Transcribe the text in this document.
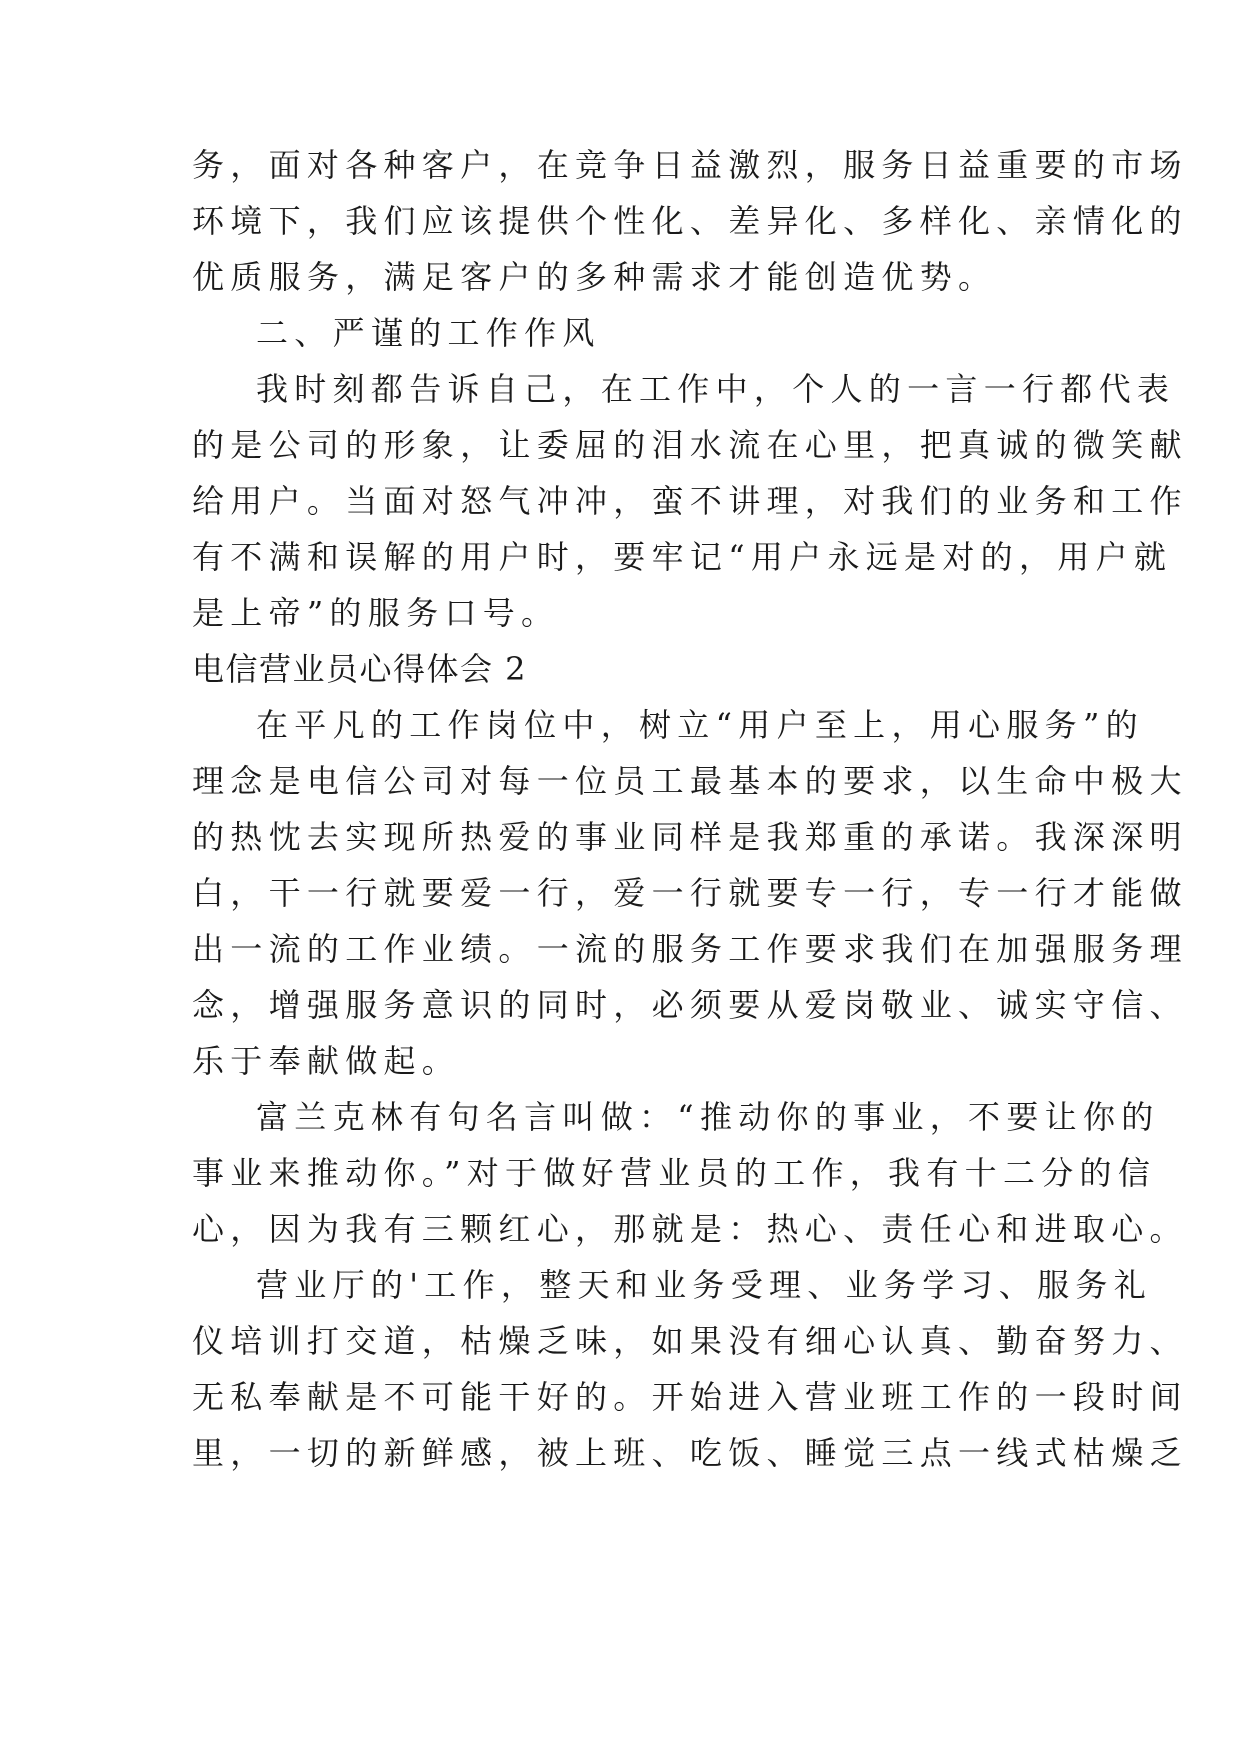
务，面对各种客户，在竞争日益激烈，服务日益重要的市场
环境下，我们应该提供个性化、差异化、多样化、亲情化的
优质服务，满足客户的多种需求才能创造优势。
二、严谨的工作作风
我时刻都告诉自己，在工作中，个人的一言一行都代表
的是公司的形象，让委屈的泪水流在心里，把真诚的微笑献
给用户。当面对怒气冲冲，蛮不讲理，对我们的业务和工作
有不满和误解的用户时，要牢记“用户永远是对的，用户就
是上帝”的服务口号。
电信营业员心得体会 2
在平凡的工作岗位中，树立“用户至上，用心服务”的
理念是电信公司对每一位员工最基本的要求，以生命中极大
的热忱去实现所热爱的事业同样是我郑重的承诺。我深深明
白，干一行就要爱一行，爱一行就要专一行，专一行才能做
出一流的工作业绩。一流的服务工作要求我们在加强服务理
念，增强服务意识的同时，必须要从爱岗敬业、诚实守信、
乐于奉献做起。
富兰克林有句名言叫做：“推动你的事业，不要让你的
事业来推动你。”对于做好营业员的工作，我有十二分的信
心，因为我有三颗红心，那就是：热心、责任心和进取心。
营业厅的'工作，整天和业务受理、业务学习、服务礼
仪培训打交道，枯燥乏味，如果没有细心认真、勤奋努力、
无私奉献是不可能干好的。开始进入营业班工作的一段时间
里，一切的新鲜感，被上班、吃饭、睡觉三点一线式枯燥乏
